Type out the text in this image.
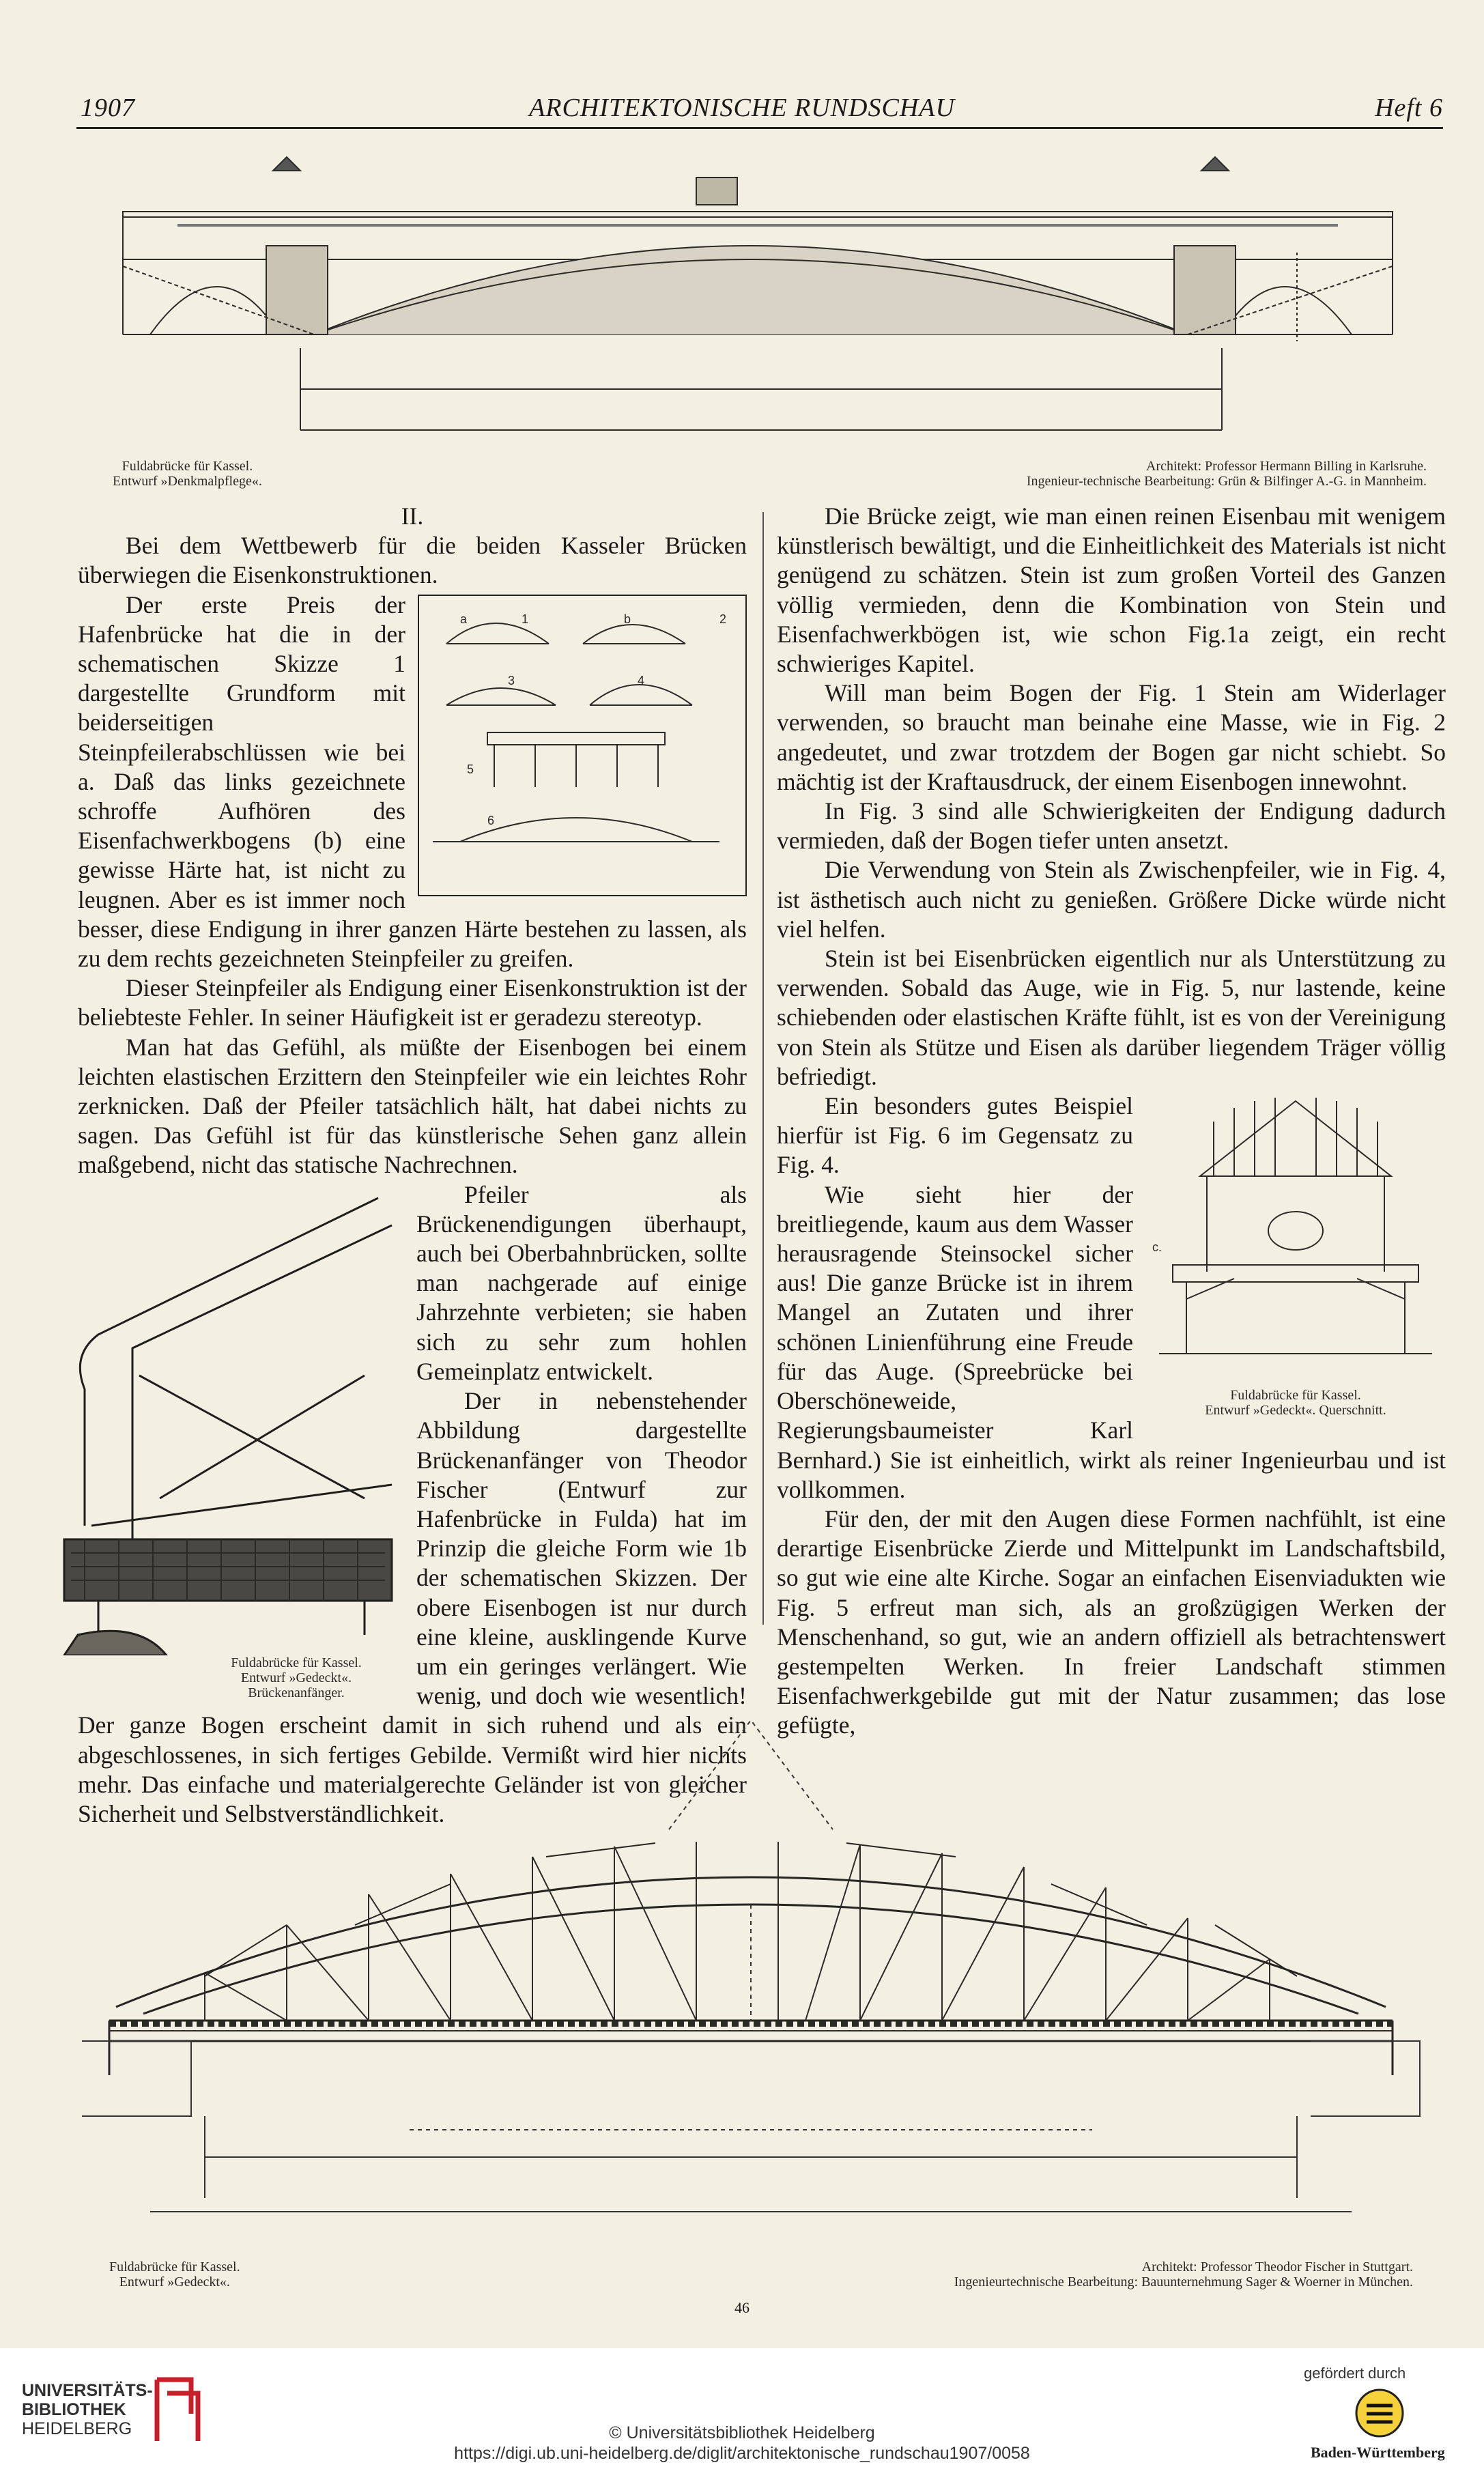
1907	ARCHITEKTONISCHE RUNDSCHAU	Heft 6
Fuldabrücke für Kassel.
Entwurf »Denkmalpflege«.
Architekt: Professor Hermann Billing in Karlsruhe.
Ingenieur-technische Bearbeitung: Grün & Bilfinger A.-G. in Mannheim.

II.

Bei dem Wettbewerb für die beiden Kasseler Brücken überwiegen die Eisenkonstruktionen.

a	b
1
3	4
5
6
2

Der erste Preis der Hafenbrücke hat die in der schematischen Skizze 1 dargestellte Grundform mit beiderseitigen Steinpfeilerabschlüssen wie bei a. Daß das links gezeichnete schroffe Aufhören des Eisenfachwerkbogens (b) eine gewisse Härte hat, ist nicht zu leugnen. Aber es ist immer noch besser, diese Endigung in ihrer ganzen Härte bestehen zu lassen, als zu dem rechts gezeichneten Steinpfeiler zu greifen.

Dieser Steinpfeiler als Endigung einer Eisenkonstruktion ist der beliebteste Fehler. In seiner Häufigkeit ist er geradezu stereotyp.

Man hat das Gefühl, als müßte der Eisenbogen bei einem leichten elastischen Erzittern den Steinpfeiler wie ein leichtes Rohr zerknicken. Daß der Pfeiler tatsächlich hält, hat dabei nichts zu sagen. Das Gefühl ist für das künstlerische Sehen ganz allein maßgebend, nicht das statische Nachrechnen.

Fuldabrücke für Kassel.
Entwurf »Gedeckt«.
Brückenanfänger.

Pfeiler als Brückenendigungen überhaupt, auch bei Oberbahnbrücken, sollte man nachgerade auf einige Jahrzehnte verbieten; sie haben sich zu sehr zum hohlen Gemeinplatz entwickelt.

Der in nebenstehender Abbildung dargestellte Brückenanfänger von Theodor Fischer (Entwurf zur Hafenbrücke in Fulda) hat im Prinzip die gleiche Form wie 1b der schematischen Skizzen. Der obere Eisenbogen ist nur durch eine kleine, ausklingende Kurve um ein geringes verlängert. Wie wenig, und doch wie wesentlich! Der ganze Bogen erscheint damit in sich ruhend und als ein abgeschlossenes, in sich fertiges Gebilde. Vermißt wird hier nichts mehr. Das einfache und materialgerechte Geländer ist von gleicher Sicherheit und Selbstverständlichkeit.

Die Brücke zeigt, wie man einen reinen Eisenbau mit wenigem künstlerisch bewältigt, und die Einheitlichkeit des Materials ist nicht genügend zu schätzen. Stein ist zum großen Vorteil des Ganzen völlig vermieden, denn die Kombination von Stein und Eisenfachwerkbögen ist, wie schon Fig.1a zeigt, ein recht schwieriges Kapitel.

Will man beim Bogen der Fig. 1 Stein am Widerlager verwenden, so braucht man beinahe eine Masse, wie in Fig. 2 angedeutet, und zwar trotzdem der Bogen gar nicht schiebt. So mächtig ist der Kraftausdruck, der einem Eisenbogen innewohnt.

In Fig. 3 sind alle Schwierigkeiten der Endigung dadurch vermieden, daß der Bogen tiefer unten ansetzt.

Die Verwendung von Stein als Zwischenpfeiler, wie in Fig. 4, ist ästhetisch auch nicht zu genießen. Größere Dicke würde nicht viel helfen.

Stein ist bei Eisenbrücken eigentlich nur als Unterstützung zu verwenden. Sobald das Auge, wie in Fig. 5, nur lastende, keine schiebenden oder elastischen Kräfte fühlt, ist es von der Vereinigung von Stein als Stütze und Eisen als darüber liegendem Träger völlig befriedigt.

c.
Fuldabrücke für Kassel.
Entwurf »Gedeckt«. Querschnitt.

Ein besonders gutes Beispiel hierfür ist Fig. 6 im Gegensatz zu Fig. 4.

Wie sieht hier der breitliegende, kaum aus dem Wasser herausragende Steinsockel sicher aus! Die ganze Brücke ist in ihrem Mangel an Zutaten und ihrer schönen Linienführung eine Freude für das Auge. (Spreebrücke bei Oberschöneweide, Regierungsbaumeister Karl Bernhard.) Sie ist einheitlich, wirkt als reiner Ingenieurbau und ist vollkommen.

Für den, der mit den Augen diese Formen nachfühlt, ist eine derartige Eisenbrücke Zierde und Mittelpunkt im Landschaftsbild, so gut wie eine alte Kirche. Sogar an einfachen Eisenviadukten wie Fig. 5 erfreut man sich, als an großzügigen Werken der Menschenhand, so gut, wie an andern offiziell als betrachtenswert gestempelten Werken. In freier Landschaft stimmen Eisenfachwerkgebilde gut mit der Natur zusammen; das lose gefügte,

Fuldabrücke für Kassel.
Entwurf »Gedeckt«.
Architekt: Professor Theodor Fischer in Stuttgart.
Ingenieurtechnische Bearbeitung: Bauunternehmung Sager & Woerner in München.
46
UNIVERSITÄTS-
BIBLIOTHEK
HEIDELBERG	© Universitätsbibliothek Heidelberg
https://digi.ub.uni-heidelberg.de/diglit/architektonische_rundschau1907/0058
gefördert durch
Baden-Württemberg
